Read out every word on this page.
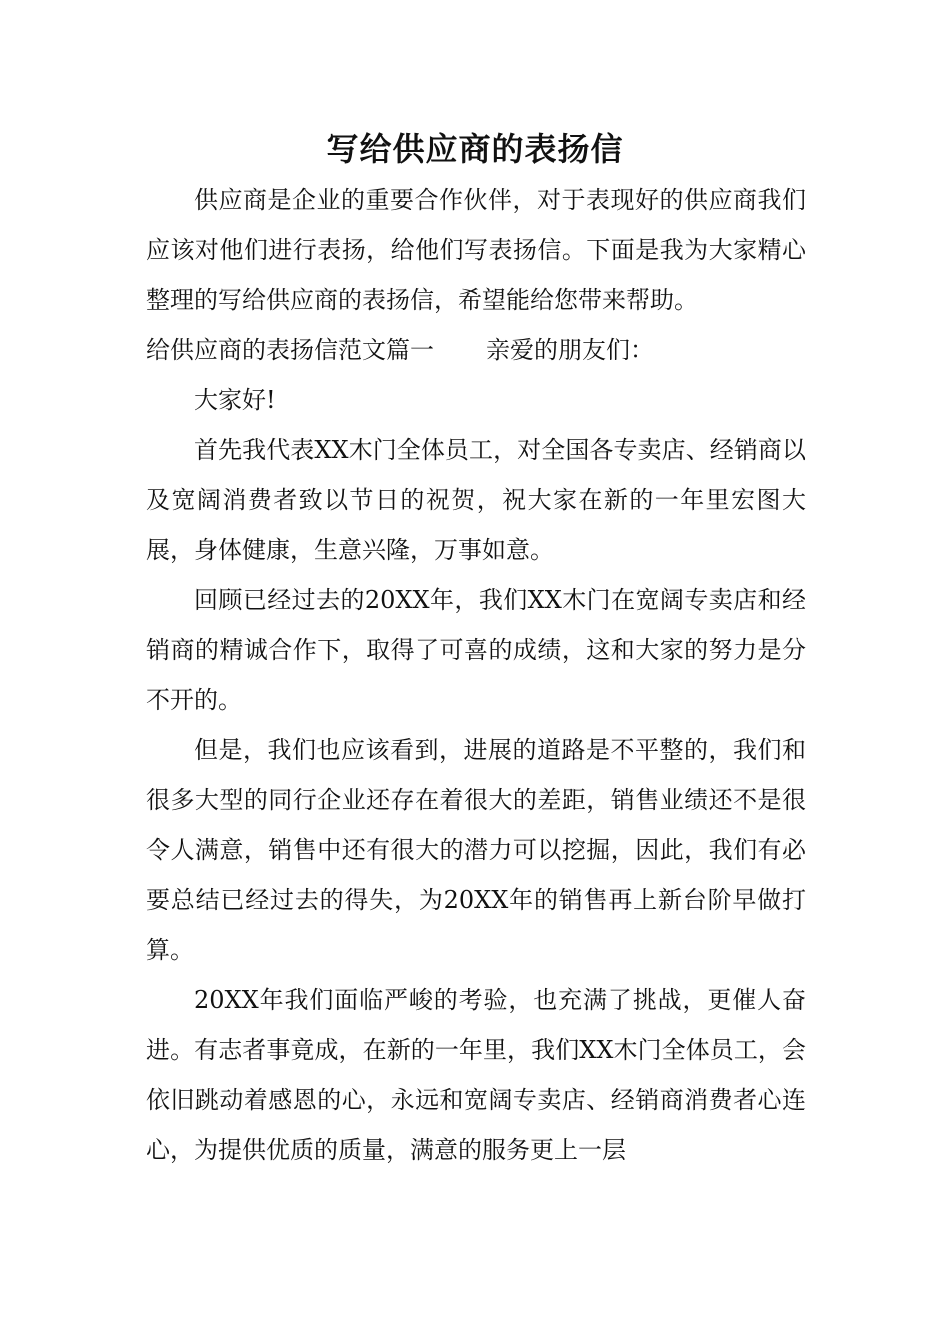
写给供应商的表扬信

供应商是企业的重要合作伙伴，对于表现好的供应商我们应该对他们进行表扬，给他们写表扬信。下面是我为大家精心整理的写给供应商的表扬信，希望能给您带来帮助。

给供应商的表扬信范文篇一 亲爱的朋友们：

大家好!

首先我代表XX木门全体员工，对全国各专卖店、经销商以及宽阔消费者致以节日的祝贺，祝大家在新的一年里宏图大展，身体健康，生意兴隆，万事如意。

回顾已经过去的20XX年，我们XX木门在宽阔专卖店和经销商的精诚合作下，取得了可喜的成绩，这和大家的努力是分不开的。

但是，我们也应该看到，进展的道路是不平整的，我们和很多大型的同行企业还存在着很大的差距，销售业绩还不是很令人满意，销售中还有很大的潜力可以挖掘，因此，我们有必要总结已经过去的得失，为20XX年的销售再上新台阶早做打算。

20XX年我们面临严峻的考验，也充满了挑战，更催人奋进。有志者事竟成，在新的一年里，我们XX木门全体员工，会依旧跳动着感恩的心，永远和宽阔专卖店、经销商消费者心连心，为提供优质的质量，满意的服务更上一层
